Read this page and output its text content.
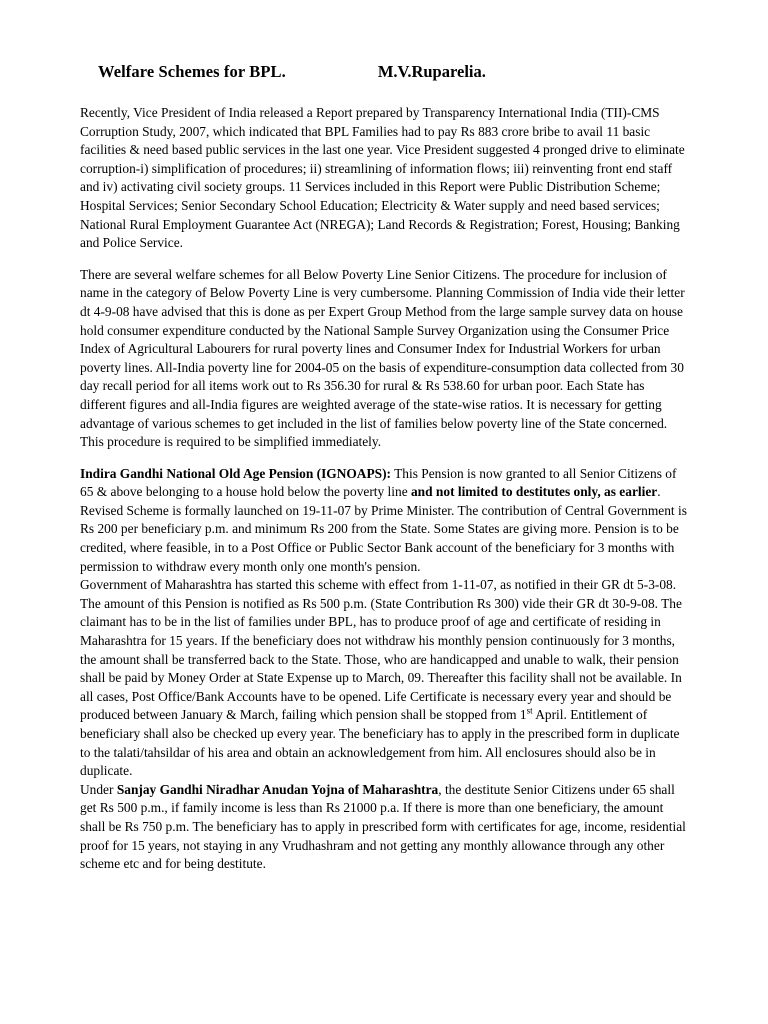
Welfare Schemes for BPL.	M.V.Ruparelia.

Recently, Vice President of India released a Report prepared by Transparency International India (TII)-CMS Corruption Study, 2007, which indicated that BPL Families had to pay Rs 883 crore bribe to avail 11 basic facilities & need based public services in the last one year. Vice President suggested 4 pronged drive to eliminate corruption-i) simplification of procedures; ii) streamlining of information flows; iii) reinventing front end staff and iv) activating civil society groups. 11 Services included in this Report were Public Distribution Scheme; Hospital Services; Senior Secondary School Education; Electricity & Water supply and need based services; National Rural Employment Guarantee Act (NREGA); Land Records & Registration; Forest, Housing; Banking and Police Service.

There are several welfare schemes for all Below Poverty Line Senior Citizens. The procedure for inclusion of name in the category of Below Poverty Line is very cumbersome. Planning Commission of India vide their letter dt 4-9-08 have advised that this is done as per Expert Group Method from the large sample survey data on house hold consumer expenditure conducted by the National Sample Survey Organization using the Consumer Price Index of Agricultural Labourers for rural poverty lines and Consumer Index for Industrial Workers for urban poverty lines. All-India poverty line for 2004-05 on the basis of expenditure-consumption data collected from 30 day recall period for all items work out to Rs 356.30 for rural & Rs 538.60 for urban poor. Each State has different figures and all-India figures are weighted average of the state-wise ratios. It is necessary for getting advantage of various schemes to get included in the list of families below poverty line of the State concerned. This procedure is required to be simplified immediately.

Indira Gandhi National Old Age Pension (IGNOAPS): This Pension is now granted to all Senior Citizens of 65 & above belonging to a house hold below the poverty line and not limited to destitutes only, as earlier. Revised Scheme is formally launched on 19-11-07 by Prime Minister. The contribution of Central Government is Rs 200 per beneficiary p.m. and minimum Rs 200 from the State. Some States are giving more. Pension is to be credited, where feasible, in to a Post Office or Public Sector Bank account of the beneficiary for 3 months with permission to withdraw every month only one month's pension.

Government of Maharashtra has started this scheme with effect from 1-11-07, as notified in their GR dt 5-3-08. The amount of this Pension is notified as Rs 500 p.m. (State Contribution Rs 300) vide their GR dt 30-9-08. The claimant has to be in the list of families under BPL, has to produce proof of age and certificate of residing in Maharashtra for 15 years. If the beneficiary does not withdraw his monthly pension continuously for 3 months, the amount shall be transferred back to the State. Those, who are handicapped and unable to walk, their pension shall be paid by Money Order at State Expense up to March, 09. Thereafter this facility shall not be available. In all cases, Post Office/Bank Accounts have to be opened. Life Certificate is necessary every year and should be produced between January & March, failing which pension shall be stopped from 1st April. Entitlement of beneficiary shall also be checked up every year. The beneficiary has to apply in the prescribed form in duplicate to the talati/tahsildar of his area and obtain an acknowledgement from him. All enclosures should also be in duplicate.

Under Sanjay Gandhi Niradhar Anudan Yojna of Maharashtra, the destitute Senior Citizens under 65 shall get Rs 500 p.m., if family income is less than Rs 21000 p.a. If there is more than one beneficiary, the amount shall be Rs 750 p.m. The beneficiary has to apply in prescribed form with certificates for age, income, residential proof for 15 years, not staying in any Vrudhashram and not getting any monthly allowance through any other scheme etc and for being destitute.
